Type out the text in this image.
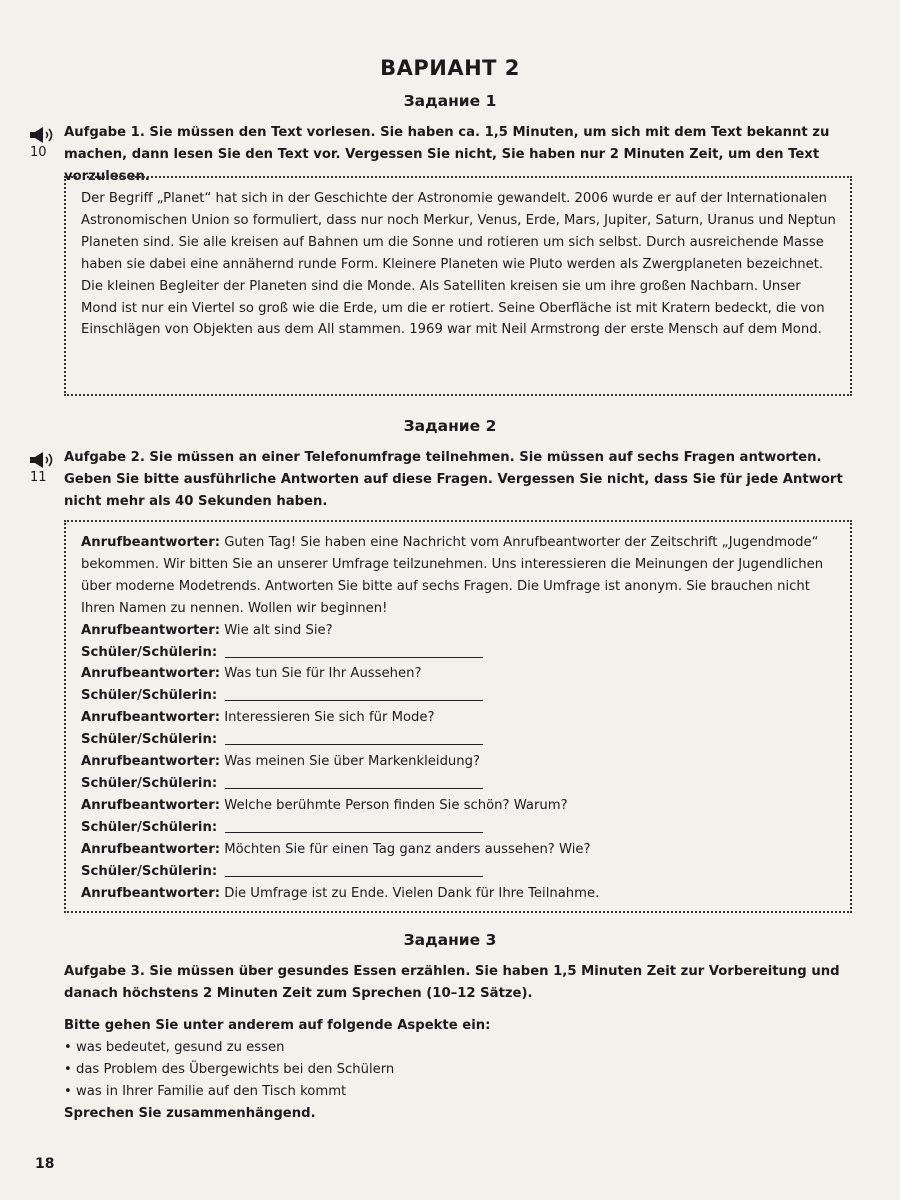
ВАРИАНТ 2
Задание 1
10
Aufgabe 1. Sie müssen den Text vorlesen. Sie haben ca. 1,5 Minuten, um sich mit dem Text bekannt zu machen, dann lesen Sie den Text vor. Vergessen Sie nicht, Sie haben nur 2 Minuten Zeit, um den Text vorzulesen.

Der Begriff „Planet“ hat sich in der Geschichte der Astronomie gewandelt. 2006 wurde er auf der Internationalen Astronomischen Union so formuliert, dass nur noch Merkur, Venus, Erde, Mars, Jupiter, Saturn, Uranus und Neptun Planeten sind. Sie alle kreisen auf Bahnen um die Sonne und rotieren um sich selbst. Durch ausreichende Masse haben sie dabei eine annähernd runde Form. Kleinere Planeten wie Pluto werden als Zwergplaneten bezeichnet.

Die kleinen Begleiter der Planeten sind die Monde. Als Satelliten kreisen sie um ihre großen Nachbarn. Unser Mond ist nur ein Viertel so groß wie die Erde, um die er rotiert. Seine Oberfläche ist mit Kratern bedeckt, die von Einschlägen von Objekten aus dem All stammen. 1969 war mit Neil Armstrong der erste Mensch auf dem Mond.

Задание 2
11
Aufgabe 2. Sie müssen an einer Telefonumfrage teilnehmen. Sie müssen auf sechs Fragen antworten. Geben Sie bitte ausführliche Antworten auf diese Fragen. Vergessen Sie nicht, dass Sie für jede Antwort nicht mehr als 40 Sekunden haben.

Anrufbeantworter: Guten Tag! Sie haben eine Nachricht vom Anrufbeantworter der Zeitschrift „Jugendmode“ bekommen. Wir bitten Sie an unserer Umfrage teilzunehmen. Uns interessieren die Meinungen der Jugendlichen über moderne Modetrends. Antworten Sie bitte auf sechs Fragen. Die Umfrage ist anonym. Sie brauchen nicht Ihren Namen zu nennen. Wollen wir beginnen!

Anrufbeantworter: Wie alt sind Sie?

Schüler/Schülerin:

Anrufbeantworter: Was tun Sie für Ihr Aussehen?

Schüler/Schülerin:

Anrufbeantworter: Interessieren Sie sich für Mode?

Schüler/Schülerin:

Anrufbeantworter: Was meinen Sie über Markenkleidung?

Schüler/Schülerin:

Anrufbeantworter: Welche berühmte Person finden Sie schön? Warum?

Schüler/Schülerin:

Anrufbeantworter: Möchten Sie für einen Tag ganz anders aussehen? Wie?

Schüler/Schülerin:

Anrufbeantworter: Die Umfrage ist zu Ende. Vielen Dank für Ihre Teilnahme.

Задание 3
Aufgabe 3. Sie müssen über gesundes Essen erzählen. Sie haben 1,5 Minuten Zeit zur Vorbereitung und danach höchstens 2 Minuten Zeit zum Sprechen (10–12 Sätze).
Bitte gehen Sie unter anderem auf folgende Aspekte ein:
• was bedeutet, gesund zu essen
• das Problem des Übergewichts bei den Schülern
• was in Ihrer Familie auf den Tisch kommt
Sprechen Sie zusammenhängend.
18
